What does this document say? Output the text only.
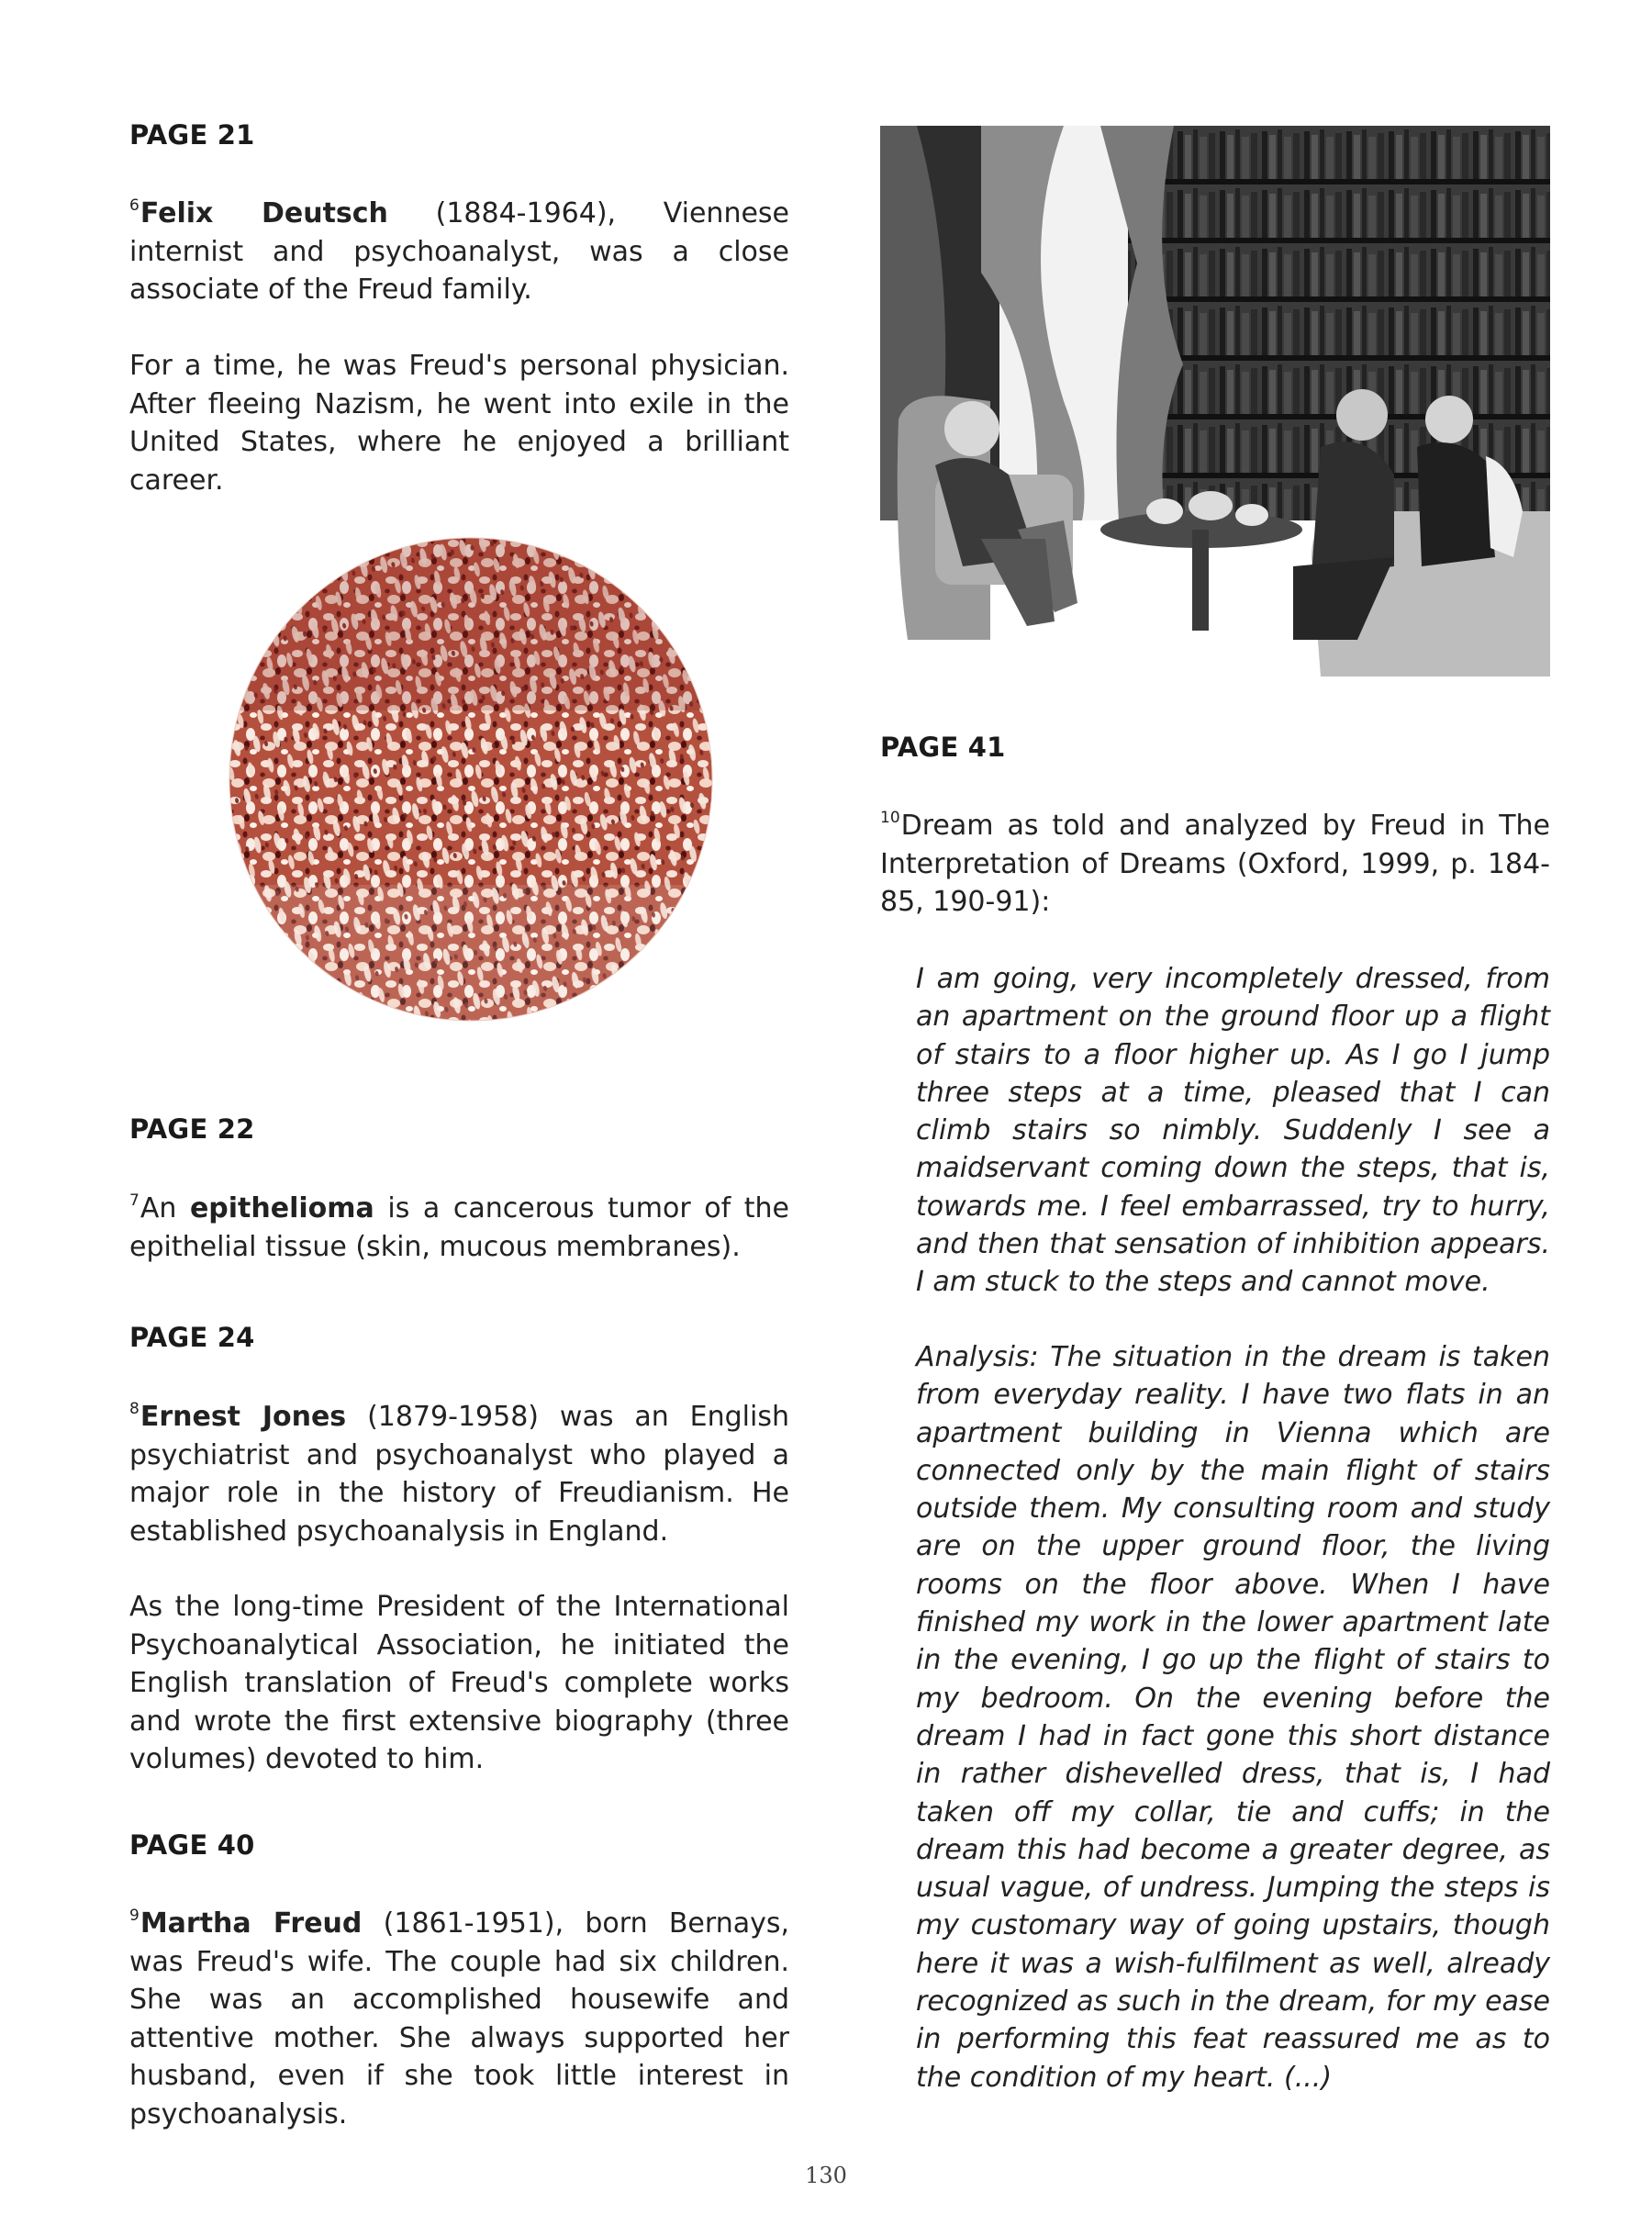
PAGE 21

$^6$Felix Deutsch (1884-1964), Viennese internist and psychoanalyst, was a close associate of the Freud family.

For a time, he was Freud's personal physician. After fleeing Nazism, he went into exile in the United States, where he enjoyed a brilliant career.

PAGE 22

$^7$An epithelioma is a cancerous tumor of the epithelial tissue (skin, mucous membranes).

PAGE 24

$^8$Ernest Jones (1879-1958) was an English psychiatrist and psychoanalyst who played a major role in the history of Freudianism. He established psychoanalysis in England.

As the long-time President of the International Psychoanalytical Association, he initiated the English translation of Freud's complete works and wrote the first extensive biography (three volumes) devoted to him.

PAGE 40

$^9$Martha Freud (1861-1951), born Bernays, was Freud's wife. The couple had six children. She was an accomplished housewife and attentive mother. She always supported her husband, even if she took little interest in psychoanalysis.

PAGE 41

$^{10}$Dream as told and analyzed by Freud in The Interpretation of Dreams (Oxford, 1999, p. 184-85, 190-91):

I am going, very incompletely dressed, from an apartment on the ground floor up a flight of stairs to a floor higher up. As I go I jump three steps at a time, pleased that I can climb stairs so nimbly. Suddenly I see a maidservant coming down the steps, that is, towards me. I feel embarrassed, try to hurry, and then that sensation of inhibition appears. I am stuck to the steps and cannot move.

Analysis: The situation in the dream is taken from everyday reality. I have two flats in an apartment building in Vienna which are connected only by the main flight of stairs outside them. My consulting room and study are on the upper ground floor, the living rooms on the floor above. When I have finished my work in the lower apartment late in the evening, I go up the flight of stairs to my bedroom. On the evening before the dream I had in fact gone this short distance in rather dishevelled dress, that is, I had taken off my collar, tie and cuffs; in the dream this had become a greater degree, as usual vague, of undress. Jumping the steps is my customary way of going upstairs, though here it was a wish-fulfilment as well, already recognized as such in the dream, for my ease in performing this feat reassured me as to the condition of my heart. (...)

130
